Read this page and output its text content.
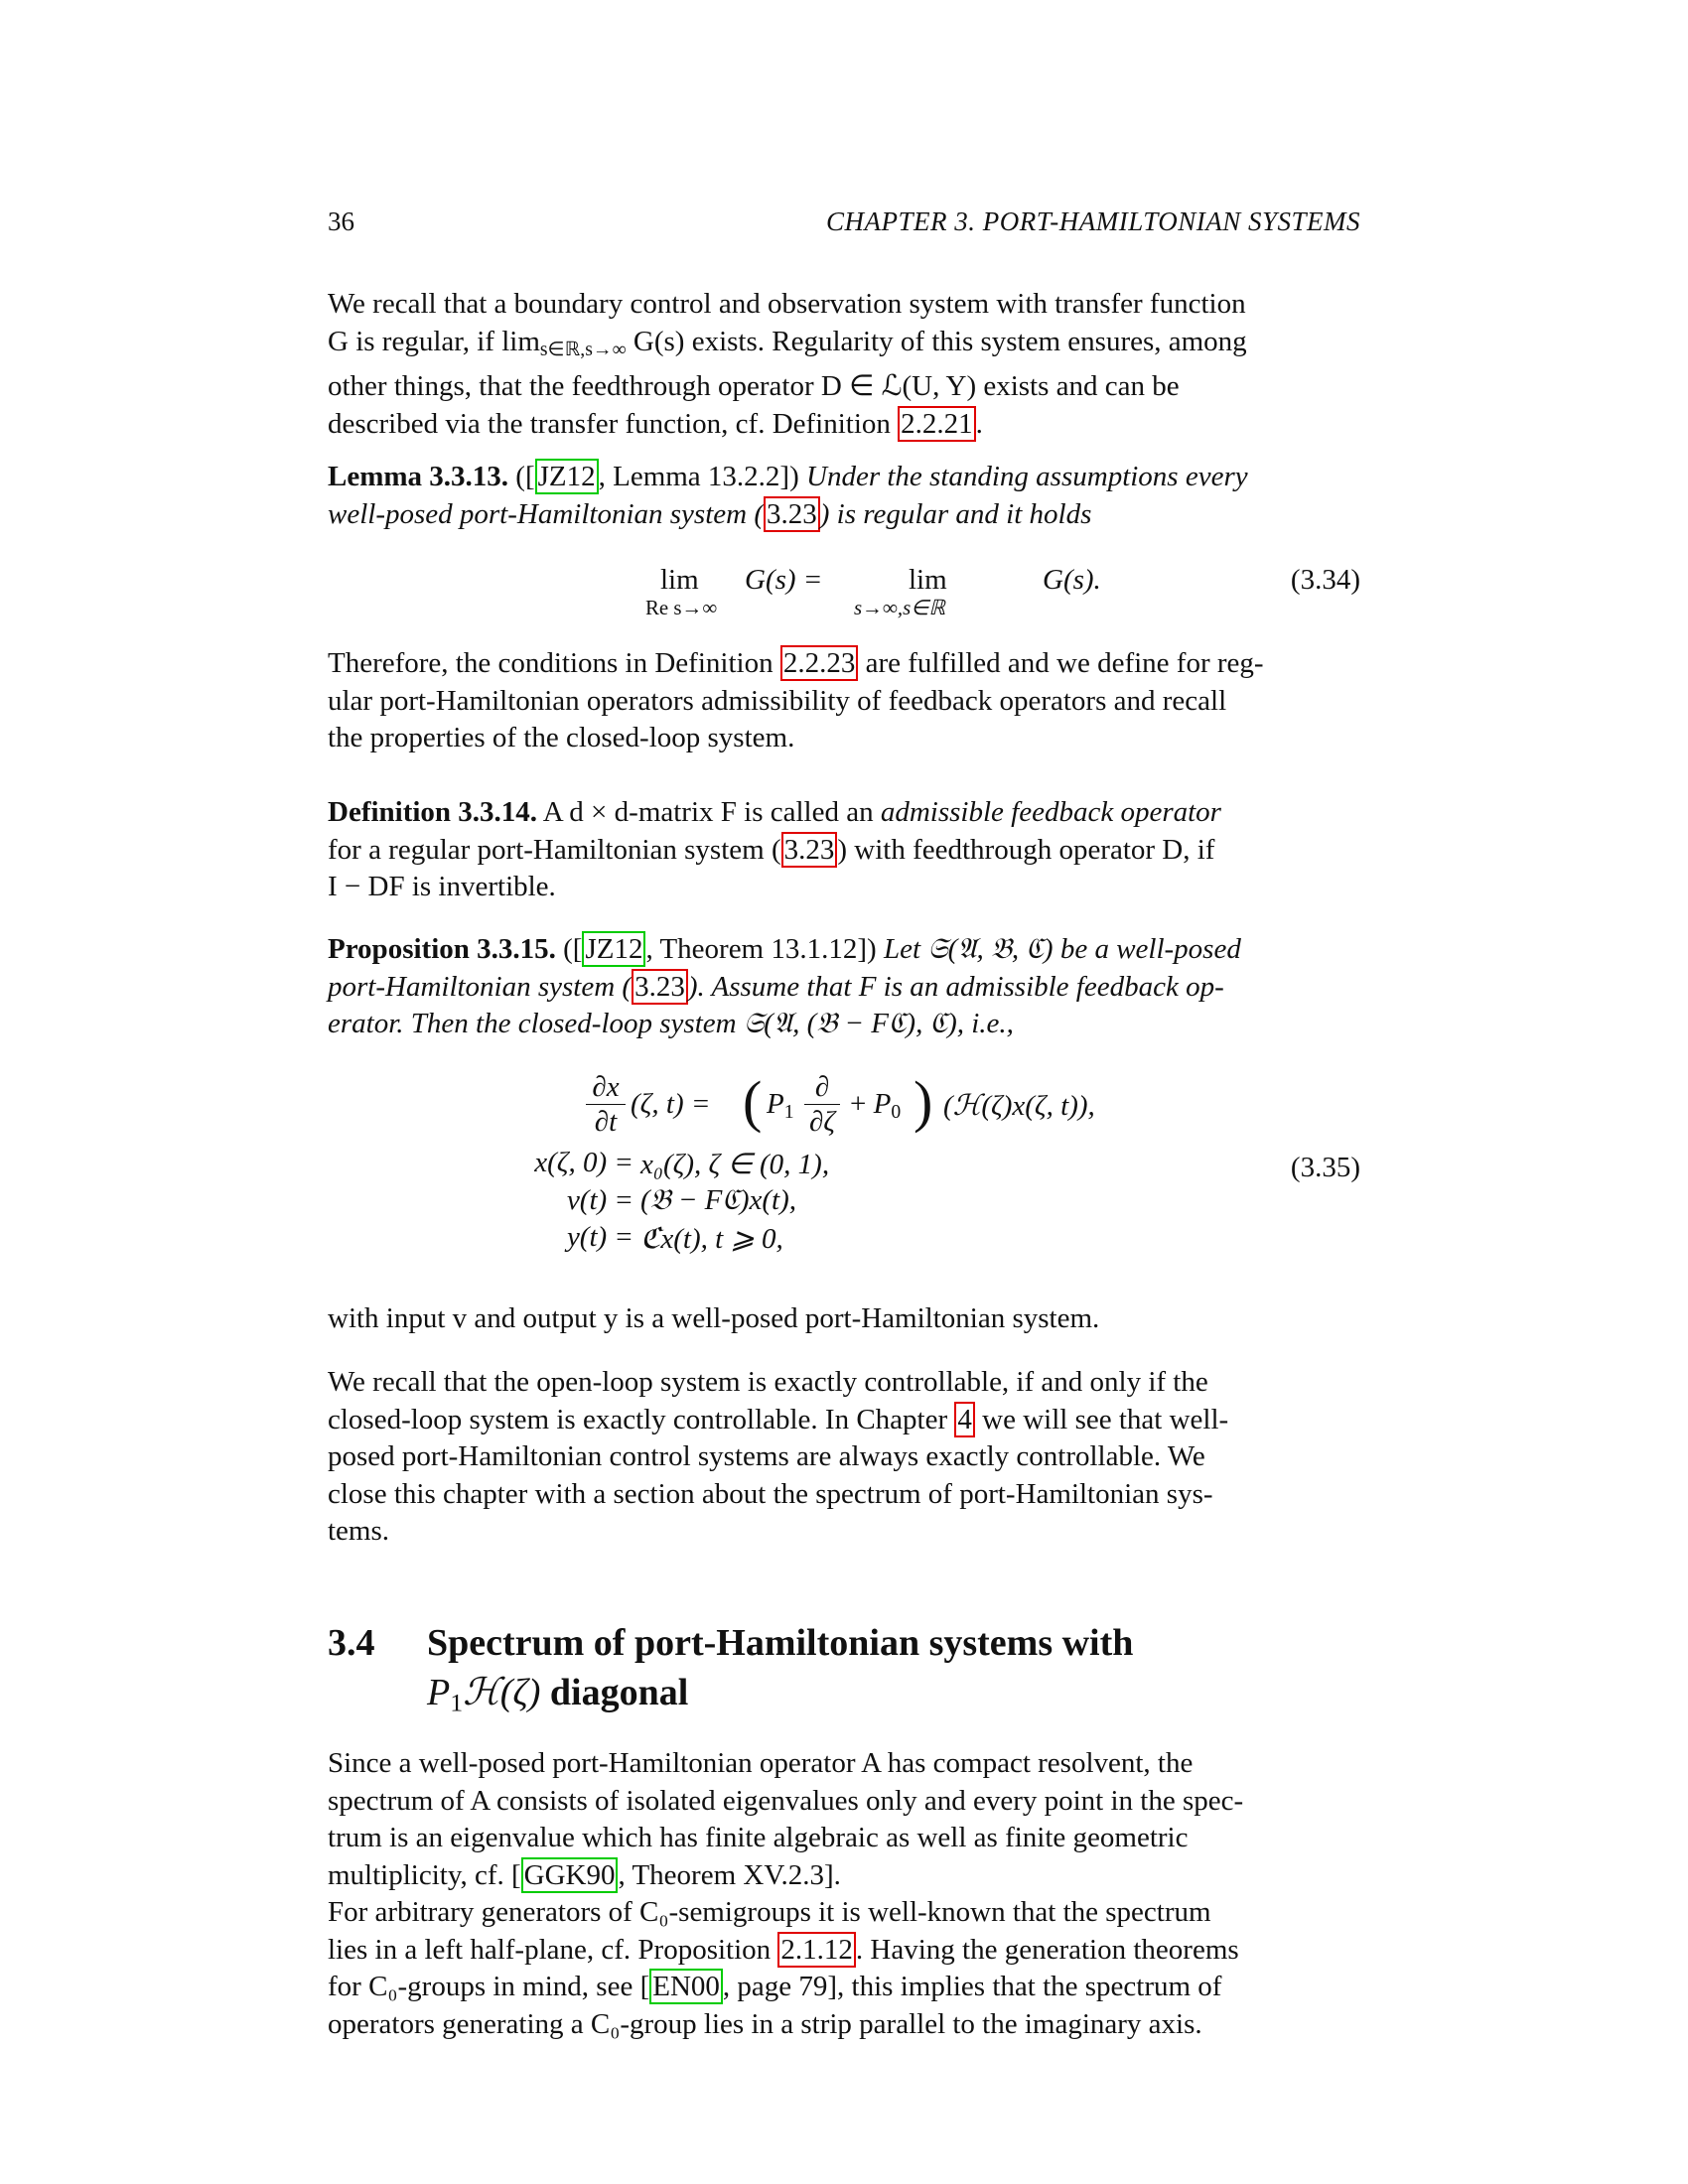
36	CHAPTER 3. PORT-HAMILTONIAN SYSTEMS
We recall that a boundary control and observation system with transfer function
G is regular, if $\lim_{s\in ℝ,s\to\infty} G(s)$ exists. Regularity of this system ensures, among
other things, that the feedthrough operator D ∈ ℒ(U, Y) exists and can be
described via the transfer function, cf. Definition 2.2.21 .
Lemma 3.3.13. ([ JZ12 , Lemma 13.2.2]) Under the standing assumptions every
well-posed port-Hamiltonian system ( 3.23 ) is regular and it holds
lim
Re s→∞
G(s) =	lim
s→∞,s∈ℝ
G(s).	(3.34)
Therefore, the conditions in Definition 2.2.23 are fulfilled and we define for reg-
ular port-Hamiltonian operators admissibility of feedback operators and recall
the properties of the closed-loop system.
Definition 3.3.14. A d × d-matrix F is called an admissible feedback operator
for a regular port-Hamiltonian system ( 3.23 ) with feedthrough operator D, if
I − DF is invertible.
Proposition 3.3.15. ([ JZ12 , Theorem 13.1.12]) Let 𝔖(𝔄, 𝔅, ℭ) be a well-posed
port-Hamiltonian system ( 3.23 ). Assume that F is an admissible feedback op-
erator. Then the closed-loop system 𝔖(𝔄, (𝔅 − Fℭ), ℭ), i.e.,
$\frac{\partial x}{\partial t} (\zeta$, t) = ( $P_1$
∂
∂ζ
+ $P_0$ ) (ℋ(ζ)x(ζ, t)),
x(ζ, 0) = x₀(ζ), ζ ∈ (0, 1),
v(t) = (𝔅 − Fℭ)x(t),
y(t) = ℭx(t), t ⩾ 0,
(3.35)
with input v and output y is a well-posed port-Hamiltonian system.
We recall that the open-loop system is exactly controllable, if and only if the
closed-loop system is exactly controllable. In Chapter 4 we will see that well-
posed port-Hamiltonian control systems are always exactly controllable. We
close this chapter with a section about the spectrum of port-Hamiltonian sys-
tems.
3.4 Spectrum of port-Hamiltonian systems with
$P_1ℋ(\zeta)$ diagonal
Since a well-posed port-Hamiltonian operator A has compact resolvent, the
spectrum of A consists of isolated eigenvalues only and every point in the spec-
trum is an eigenvalue which has finite algebraic as well as finite geometric
multiplicity, cf. [ GGK90 , Theorem XV.2.3].
For arbitrary generators of C₀-semigroups it is well-known that the spectrum
lies in a left half-plane, cf. Proposition 2.1.12 . Having the generation theorems
for C₀-groups in mind, see [ EN00 , page 79], this implies that the spectrum of
operators generating a C₀-group lies in a strip parallel to the imaginary axis.
